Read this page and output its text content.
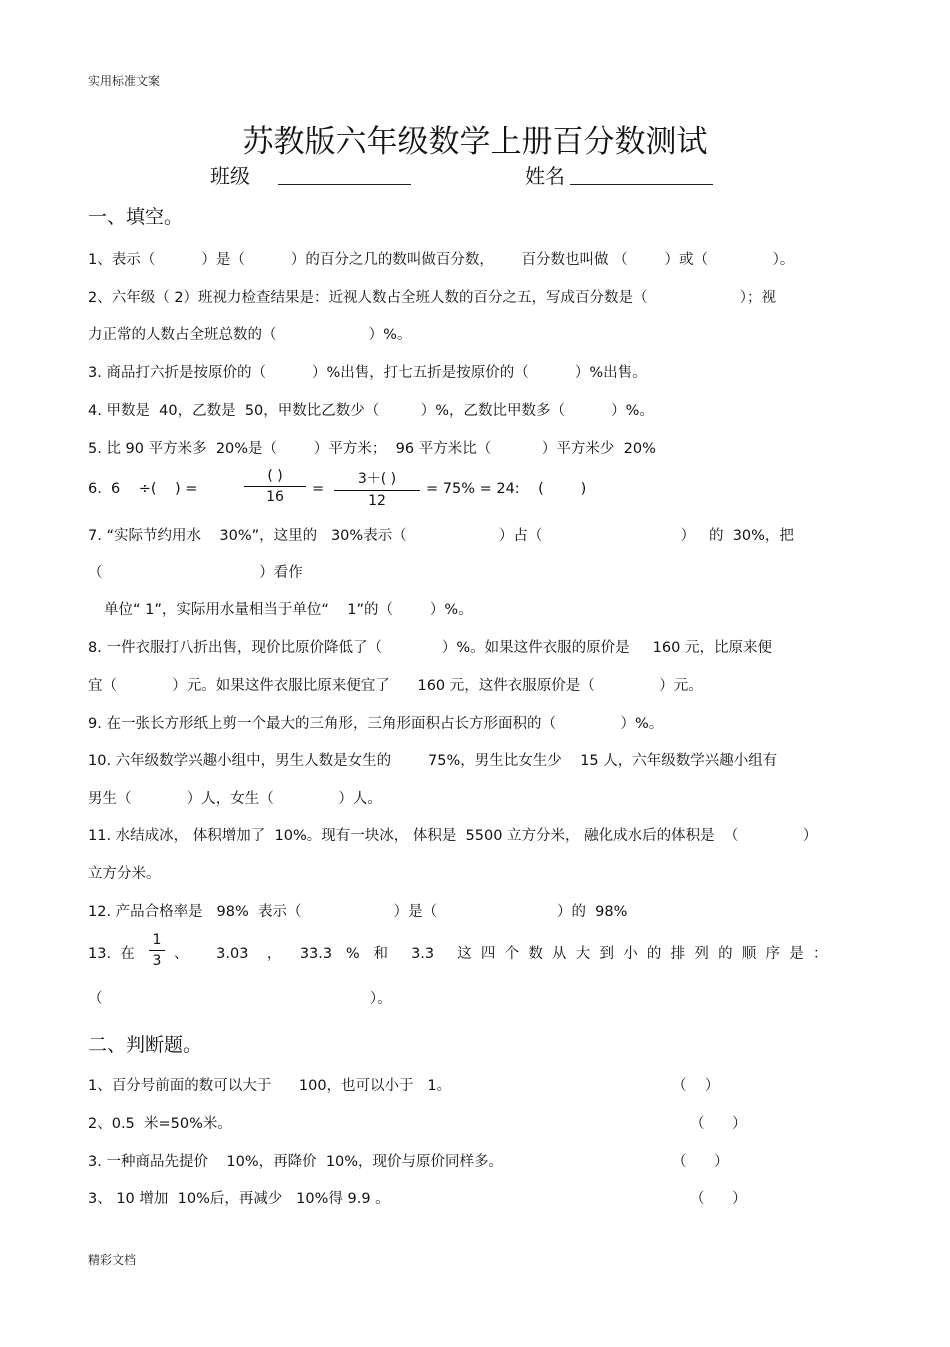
实用标准文案
苏教版六年级数学上册百分数测试
班级	姓名
一、填空。
1、表示（          ）是（          ）的百分之几的数叫做百分数，      百分数也叫做 （        ）或（              ）。
2、六年级（ 2）班视力检查结果是：近视人数占全班人数的百分之五，写成百分数是（                    ）；视
力正常的人数占全班总数的（                    ）%。
3. 商品打六折是按原价的（          ）%出售，打七五折是按原价的（          ）%出售。
4. 甲数是  40，乙数是  50，甲数比乙数少（         ）%，乙数比甲数多（          ）%。
5. 比 90 平方米多  20%是（        ）平方米；  96 平方米比（           ）平方米少  20%
6.  6    ÷(    ) =
( )
16	=
3＋( )
12
= 75% = 24:    (        )
7. “实际节约用水    30%”，这里的   30%表示（                    ）占（                              ）   的  30%，把
（                                  ）看作
单位“ 1”，实际用水量相当于单位“    1”的（        ）%。
8. 一件衣服打八折出售，现价比原价降低了（             ）%。如果这件衣服的原价是     160 元，比原来便
宜（            ）元。如果这件衣服比原来便宜了      160 元，这件衣服原价是（              ）元。
9. 在一张长方形纸上剪一个最大的三角形，三角形面积占长方形面积的（              ）%。
10. 六年级数学兴趣小组中，男生人数是女生的        75%，男生比女生少    15 人，六年级数学兴趣小组有
男生（            ）人，女生（              ）人。
11. 水结成冰， 体积增加了  10%。现有一块冰， 体积是  5500 立方分米， 融化成水后的体积是  （              ）
立方分米。
12. 产品合格率是   98%  表示（                    ）是（                          ）的  98%
13.  在
1
3 、      3.03    ，    33.3   %   和     3.3     这  四  个  数  从  大  到  小  的  排  列  的  顺  序  是  ：
（                                                          ）。
二、判断题。
1、百分号前面的数可以大于      100，也可以小于   1。	（    ）
2、0.5  米=50%米。	（      ）
3. 一种商品先提价    10%，再降价  10%，现价与原价同样多。	（      ）
3、 10 增加  10%后，再减少   10%得 9.9 。	（      ）
精彩文档
